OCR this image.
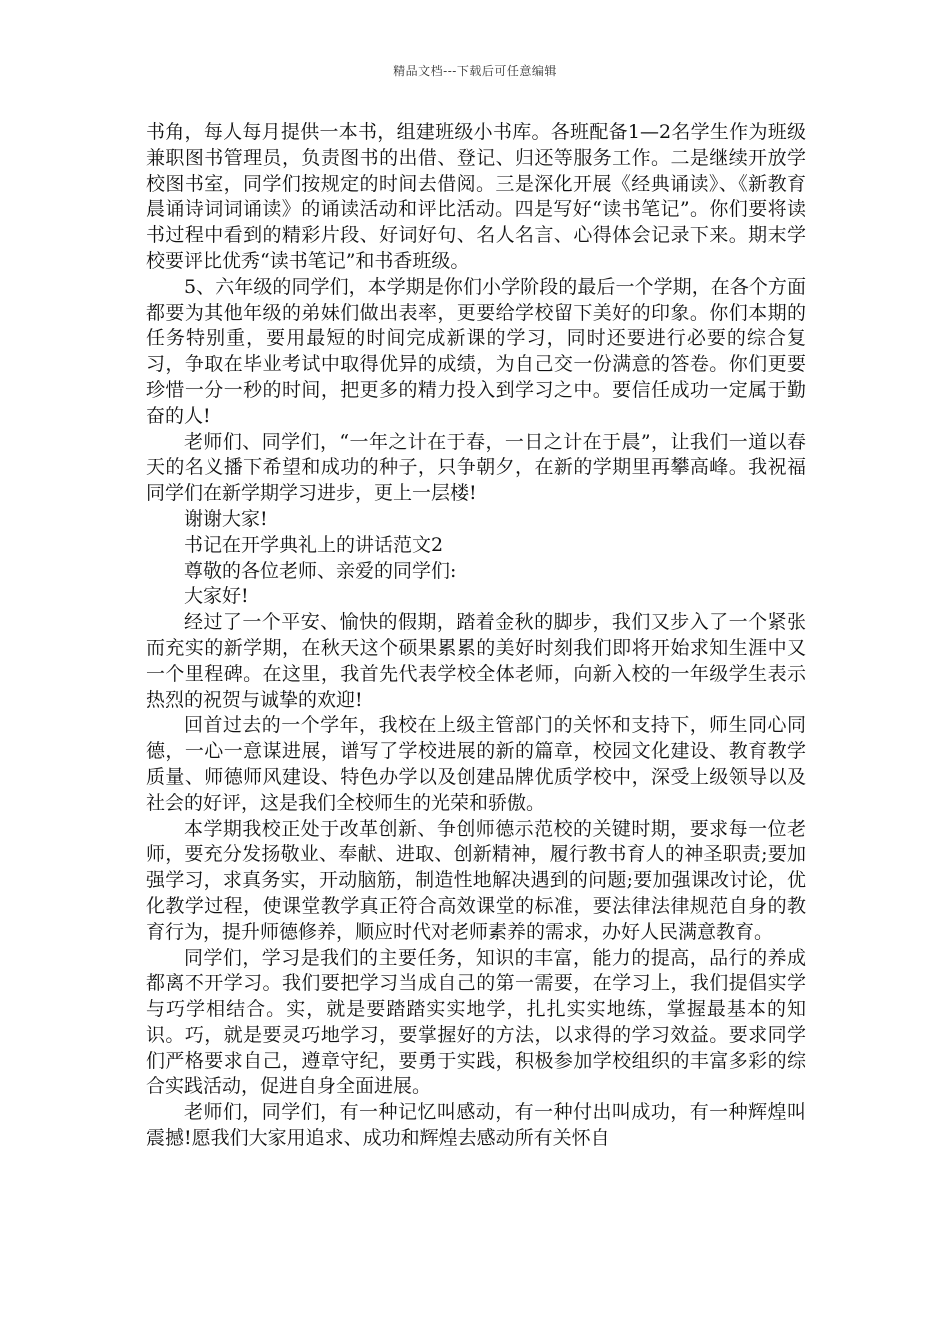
精品文档---下载后可任意编辑

书角，每人每月提供一本书，组建班级小书库。各班配备1—2名学生作为班级兼职图书管理员，负责图书的出借、登记、归还等服务工作。二是继续开放学校图书室，同学们按规定的时间去借阅。三是深化开展《经典诵读》、《新教育晨诵诗词词诵读》的诵读活动和评比活动。四是写好“读书笔记”。你们要将读书过程中看到的精彩片段、好词好句、名人名言、心得体会记录下来。期末学校要评比优秀“读书笔记”和书香班级。

5、六年级的同学们，本学期是你们小学阶段的最后一个学期，在各个方面都要为其他年级的弟妹们做出表率，更要给学校留下美好的印象。你们本期的任务特别重，要用最短的时间完成新课的学习，同时还要进行必要的综合复习，争取在毕业考试中取得优异的成绩，为自己交一份满意的答卷。你们更要珍惜一分一秒的时间，把更多的精力投入到学习之中。要信任成功一定属于勤奋的人!

老师们、同学们，“一年之计在于春，一日之计在于晨”，让我们一道以春天的名义播下希望和成功的种子，只争朝夕，在新的学期里再攀高峰。我祝福同学们在新学期学习进步，更上一层楼!

谢谢大家!

书记在开学典礼上的讲话范文2

尊敬的各位老师、亲爱的同学们:

大家好!

经过了一个平安、愉快的假期，踏着金秋的脚步，我们又步入了一个紧张而充实的新学期，在秋天这个硕果累累的美好时刻我们即将开始求知生涯中又一个里程碑。在这里，我首先代表学校全体老师，向新入校的一年级学生表示热烈的祝贺与诚挚的欢迎!

回首过去的一个学年，我校在上级主管部门的关怀和支持下，师生同心同德，一心一意谋进展，谱写了学校进展的新的篇章，校园文化建设、教育教学质量、师德师风建设、特色办学以及创建品牌优质学校中，深受上级领导以及社会的好评，这是我们全校师生的光荣和骄傲。

本学期我校正处于改革创新、争创师德示范校的关键时期，要求每一位老师，要充分发扬敬业、奉献、进取、创新精神，履行教书育人的神圣职责;要加强学习，求真务实，开动脑筋，制造性地解决遇到的问题;要加强课改讨论，优化教学过程，使课堂教学真正符合高效课堂的标准，要法律法律规范自身的教育行为，提升师德修养，顺应时代对老师素养的需求，办好人民满意教育。

同学们，学习是我们的主要任务，知识的丰富，能力的提高，品行的养成都离不开学习。我们要把学习当成自己的第一需要，在学习上，我们提倡实学与巧学相结合。实，就是要踏踏实实地学，扎扎实实地练，掌握最基本的知识。巧，就是要灵巧地学习，要掌握好的方法，以求得的学习效益。要求同学们严格要求自己，遵章守纪，要勇于实践，积极参加学校组织的丰富多彩的综合实践活动，促进自身全面进展。

老师们，同学们，有一种记忆叫感动，有一种付出叫成功，有一种辉煌叫震撼!愿我们大家用追求、成功和辉煌去感动所有关怀自
